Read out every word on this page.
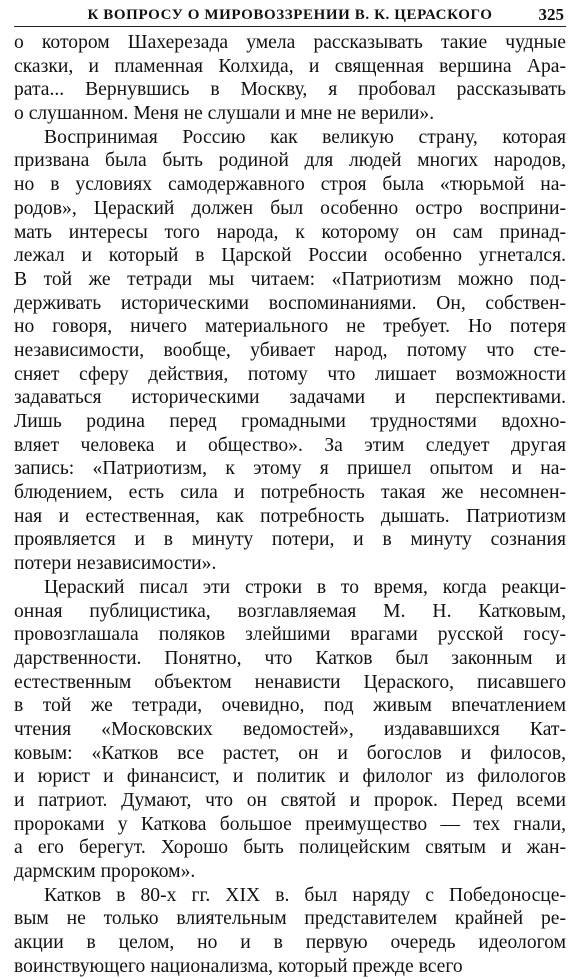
К ВОПРОСУ О МИРОВОЗЗРЕНИИ В. К. ЦЕРАСКОГО	325
о котором Шахерезада умела рассказывать такие чудные
сказки, и пламенная Колхида, и священная вершина Ара-
рата... Вернувшись в Москву, я пробовал рассказывать
о слушанном. Меня не слушали и мне не верили».
Воспринимая Россию как великую страну, которая
призвана была быть родиной для людей многих народов,
но в условиях самодержавного строя была «тюрьмой на-
родов», Цераский должен был особенно остро восприни-
мать интересы того народа, к которому он сам принад-
лежал и который в Царской России особенно угнетался.
В той же тетради мы читаем: «Патриотизм можно под-
держивать историческими воспоминаниями. Он, собствен-
но говоря, ничего материального не требует. Но потеря
независимости, вообще, убивает народ, потому что сте-
сняет сферу действия, потому что лишает возможности
задаваться историческими задачами и перспективами.
Лишь родина перед громадными трудностями вдохно-
вляет человека и общество». За этим следует другая
запись: «Патриотизм, к этому я пришел опытом и на-
блюдением, есть сила и потребность такая же несомнен-
ная и естественная, как потребность дышать. Патриотизм
проявляется и в минуту потери, и в минуту сознания
потери независимости».
Цераский писал эти строки в то время, когда реакци-
онная публицистика, возглавляемая М. Н. Катковым,
провозглашала поляков злейшими врагами русской госу-
дарственности. Понятно, что Катков был законным и
естественным объектом ненависти Цераского, писавшего
в той же тетради, очевидно, под живым впечатлением
чтения «Московских ведомостей», издававшихся Кат-
ковым: «Катков все растет, он и богослов и филосов,
и юрист и финансист, и политик и филолог из филологов
и патриот. Думают, что он святой и пророк. Перед всеми
пророками у Каткова большое преимущество — тех гнали,
а его берегут. Хорошо быть полицейским святым и жан-
дармским пророком».
Катков в 80-х гг. XIX в. был наряду с Победоносце-
вым не только влиятельным представителем крайней ре-
акции в целом, но и в первую очередь идеологом
воинствующего национализма, который прежде всего
